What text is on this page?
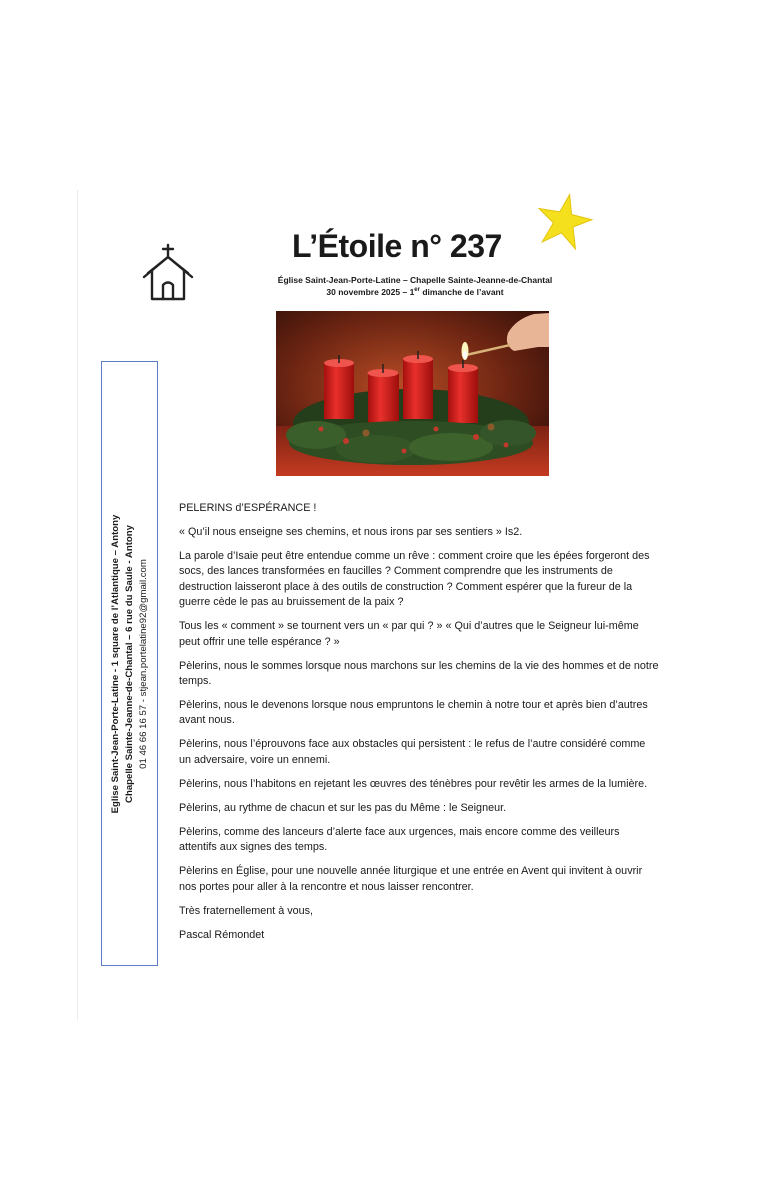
L’Étoile n° 237
Église Saint-Jean-Porte-Latine – Chapelle Sainte-Jeanne-de-Chantal
30 novembre 2025 – 1er dimanche de l’avant
Eglise Saint-Jean-Porte-Latine - 1 square de l’Atlantique – Antony Chapelle Sainte-Jeanne-de-Chantal – 6 rue du Saule - Antony 01 46 66 16 57 - stjean.portelatine92@gmail.com

PELERINS d’ESPÉRANCE !

« Qu’il nous enseigne ses chemins, et nous irons par ses sentiers » Is2.

La parole d’Isaie peut être entendue comme un rêve : comment croire que les épées forgeront des socs, des lances transformées en faucilles ? Comment comprendre que les instruments de destruction laisseront place à des outils de construction ? Comment espérer que la fureur de la guerre cède le pas au bruissement de la paix ?

Tous les « comment » se tournent vers un « par qui ? » « Qui d’autres que le Seigneur lui-même peut offrir une telle espérance ? »

Pèlerins, nous le sommes lorsque nous marchons sur les chemins de la vie des hommes et de notre temps.

Pèlerins, nous le devenons lorsque nous empruntons le chemin à notre tour et après bien d’autres avant nous.

Pèlerins, nous l’éprouvons face aux obstacles qui persistent : le refus de l’autre considéré comme un adversaire, voire un ennemi.

Pèlerins, nous l’habitons en rejetant les œuvres des ténèbres pour revêtir les armes de la lumière.

Pèlerins, au rythme de chacun et sur les pas du Même : le Seigneur.

Pèlerins, comme des lanceurs d’alerte face aux urgences, mais encore comme des veilleurs attentifs aux signes des temps.

Pèlerins en Église, pour une nouvelle année liturgique et une entrée en Avent qui invitent à ouvrir nos portes pour aller à la rencontre et nous laisser rencontrer.

Très fraternellement à vous,

Pascal Rémondet
